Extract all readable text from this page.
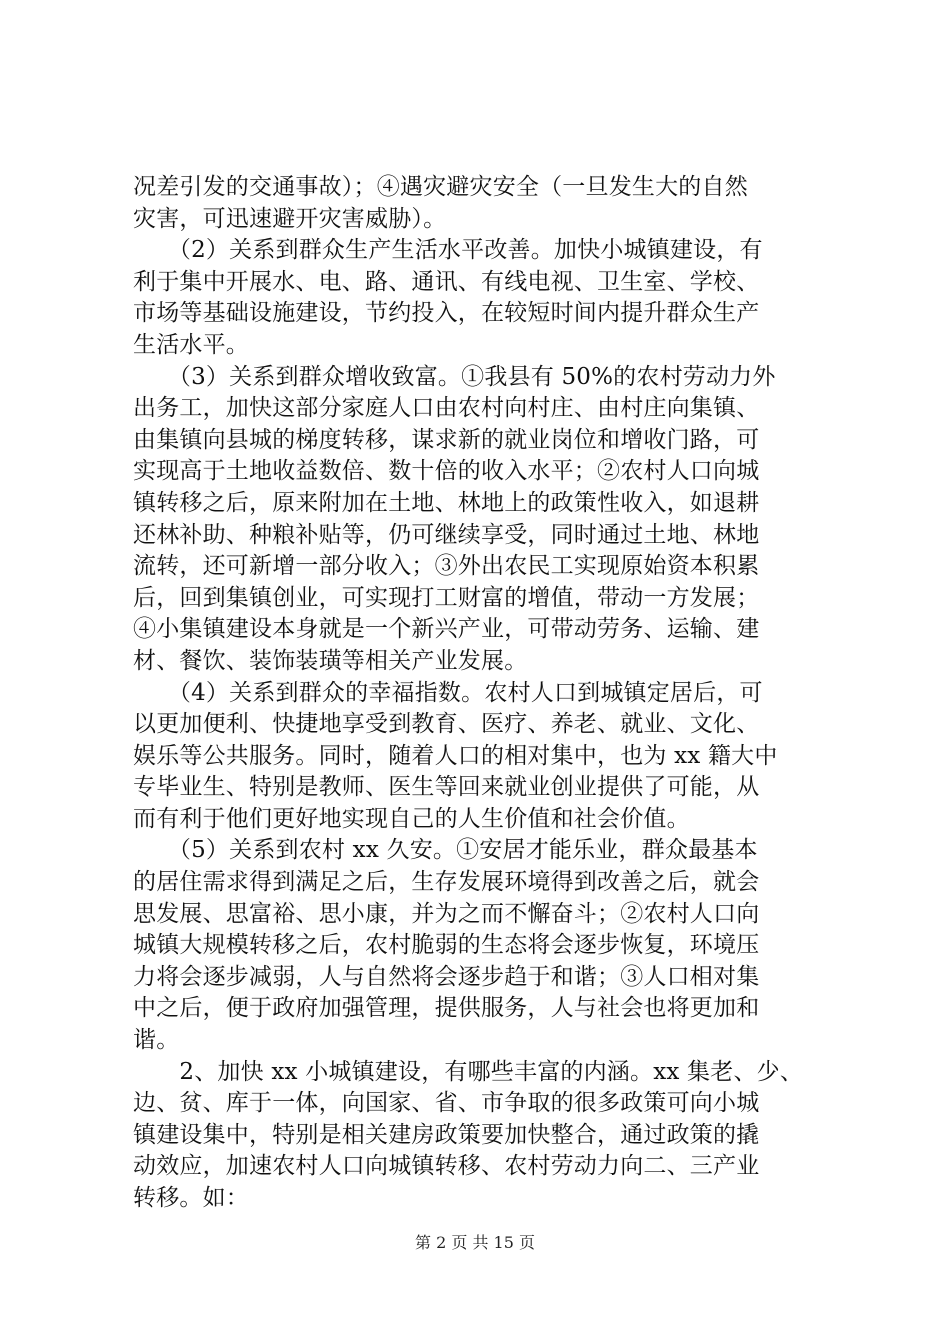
况差引发的交通事故）；④遇灾避灾安全（一旦发生大的自然
灾害，可迅速避开灾害威胁）。
　　（2）关系到群众生产生活水平改善。加快小城镇建设，有
利于集中开展水、电、路、通讯、有线电视、卫生室、学校、
市场等基础设施建设，节约投入，在较短时间内提升群众生产
生活水平。
　　（3）关系到群众增收致富。①我县有 50%的农村劳动力外
出务工，加快这部分家庭人口由农村向村庄、由村庄向集镇、
由集镇向县城的梯度转移，谋求新的就业岗位和增收门路，可
实现高于土地收益数倍、数十倍的收入水平；②农村人口向城
镇转移之后，原来附加在土地、林地上的政策性收入，如退耕
还林补助、种粮补贴等，仍可继续享受，同时通过土地、林地
流转，还可新增一部分收入；③外出农民工实现原始资本积累
后，回到集镇创业，可实现打工财富的增值，带动一方发展；
④小集镇建设本身就是一个新兴产业，可带动劳务、运输、建
材、餐饮、装饰装璜等相关产业发展。
　　（4）关系到群众的幸福指数。农村人口到城镇定居后，可
以更加便利、快捷地享受到教育、医疗、养老、就业、文化、
娱乐等公共服务。同时，随着人口的相对集中，也为 xx 籍大中
专毕业生、特别是教师、医生等回来就业创业提供了可能，从
而有利于他们更好地实现自己的人生价值和社会价值。
　　（5）关系到农村 xx 久安。①安居才能乐业，群众最基本
的居住需求得到满足之后，生存发展环境得到改善之后，就会
思发展、思富裕、思小康，并为之而不懈奋斗；②农村人口向
城镇大规模转移之后，农村脆弱的生态将会逐步恢复，环境压
力将会逐步减弱，人与自然将会逐步趋于和谐；③人口相对集
中之后，便于政府加强管理，提供服务，人与社会也将更加和
谐。
　　2、加快 xx 小城镇建设，有哪些丰富的内涵。xx 集老、少、
边、贫、库于一体，向国家、省、市争取的很多政策可向小城
镇建设集中，特别是相关建房政策要加快整合，通过政策的撬
动效应，加速农村人口向城镇转移、农村劳动力向二、三产业
转移。如：
第 2 页 共 15 页
